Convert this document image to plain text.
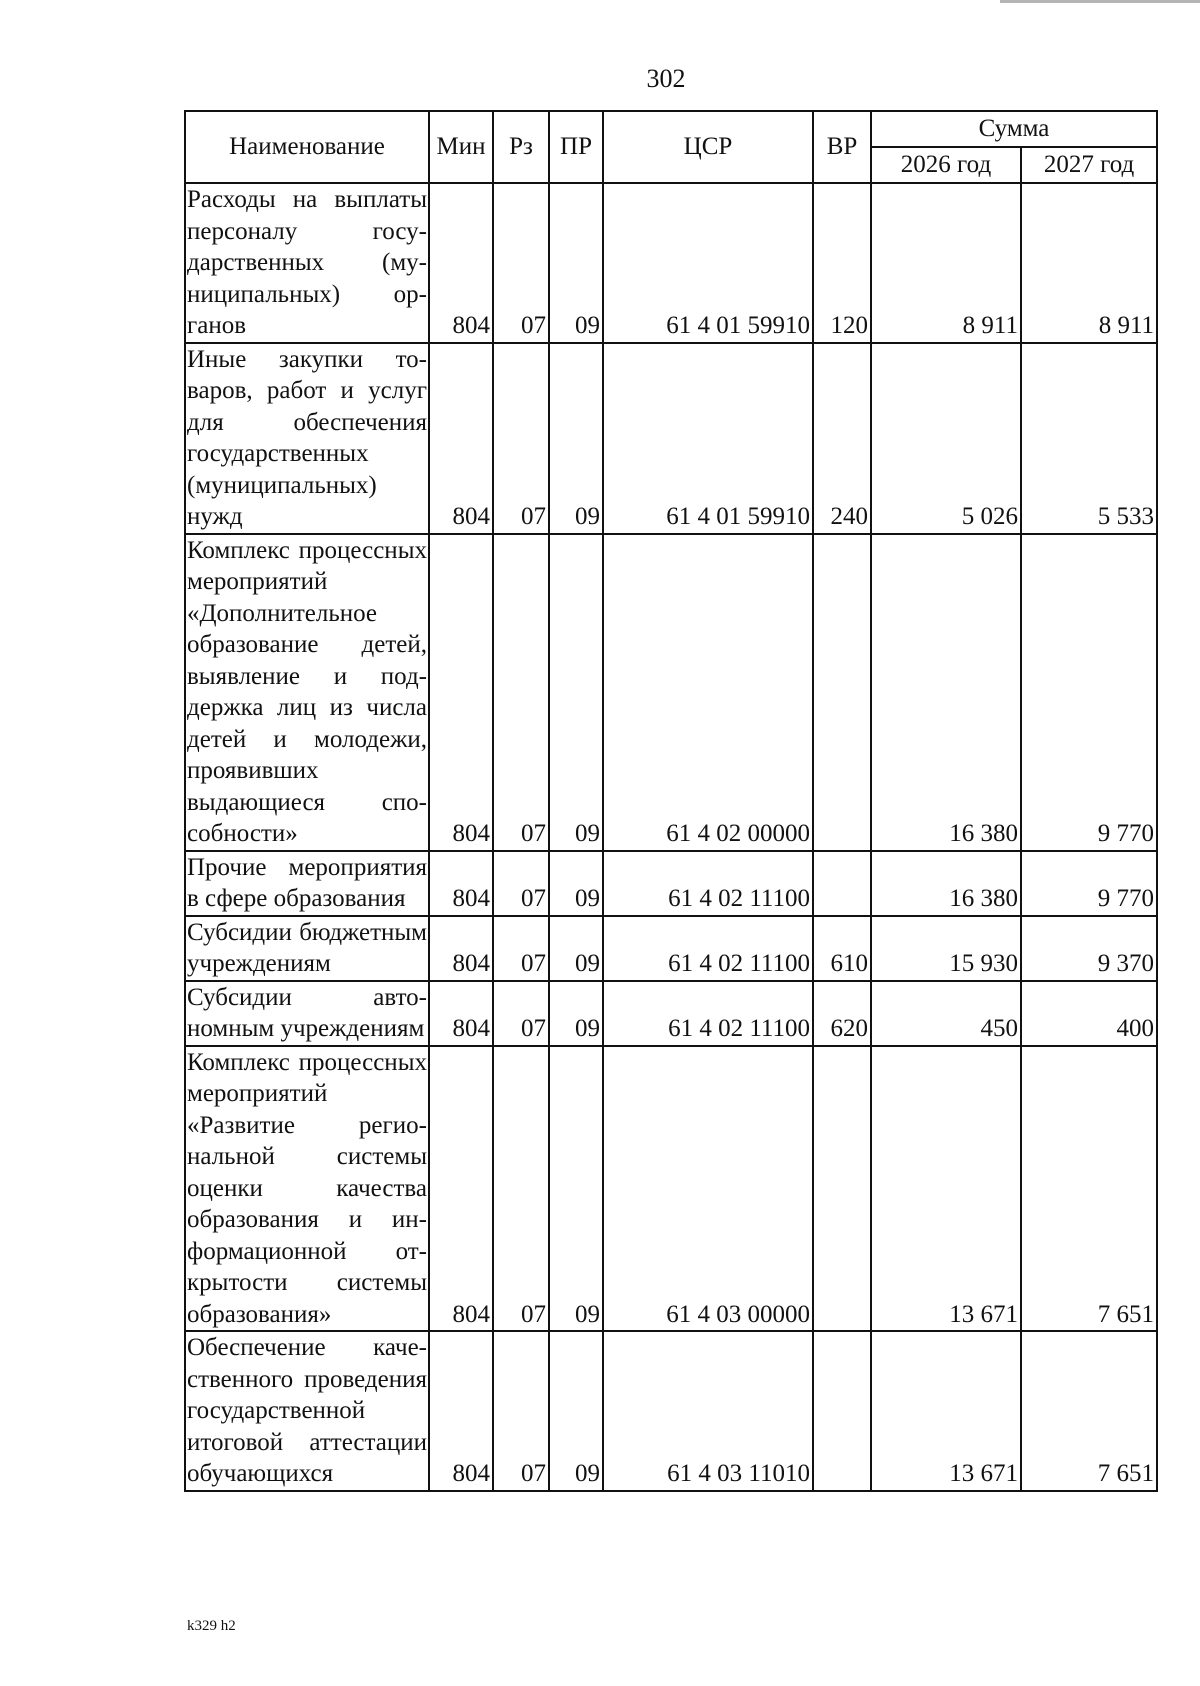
302
Наименование	Мин	Рз	ПР	ЦСР	ВР	Сумма	
						2026 год	2027 год
Расходы на выплаты персоналу государственных (муниципальных) органов	804	07	09	61 4 01 59910	120	8 911	8 911
Иные закупки товаров, работ и услуг для обеспечения государственных (муниципальных) нужд	804	07	09	61 4 01 59910	240	5 026	5 533
Комплекс процессных мероприятий «Дополнительное образование детей, выявление и поддержка лиц из числа детей и молодежи, проявивших выдающиеся способности»	804	07	09	61 4 02 00000		16 380	9 770
Прочие мероприятия в сфере образования	804	07	09	61 4 02 11100		16 380	9 770
Субсидии бюджетным учреждениям	804	07	09	61 4 02 11100	610	15 930	9 370
Субсидии автономным учреждениям	804	07	09	61 4 02 11100	620	450	400
Комплекс процессных мероприятий «Развитие региональной системы оценки качества образования и информационной открытости системы образования»	804	07	09	61 4 03 00000		13 671	7 651
Обеспечение качественного проведения государственной итоговой аттестации обучающихся	804	07	09	61 4 03 11010		13 671	7 651
k329 h2
